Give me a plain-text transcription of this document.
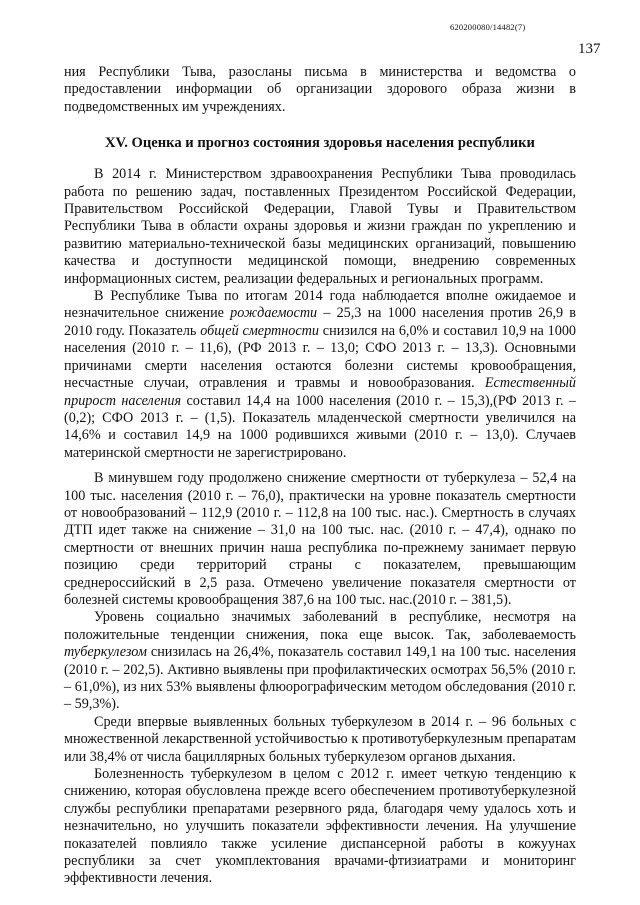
620200080/14482(7)
137

ния Республики Тыва, разосланы письма в министерства и ведомства о предоставлении информации об организации здорового образа жизни в подведомственных им учреждениях.

XV. Оценка и прогноз состояния здоровья населения республики

В 2014 г. Министерством здравоохранения Республики Тыва проводилась работа по решению задач, поставленных Президентом Российской Федерации, Правительством Российской Федерации, Главой Тувы и Правительством Республики Тыва в области охраны здоровья и жизни граждан по укреплению и развитию материально-технической базы медицинских организаций, повышению качества и доступности медицинской помощи, внедрению современных информационных систем, реализации федеральных и региональных программ.

В Республике Тыва по итогам 2014 года наблюдается вполне ожидаемое и незначительное снижение рождаемости – 25,3 на 1000 населения против 26,9 в 2010 году. Показатель общей смертности снизился на 6,0% и составил 10,9 на 1000 населения (2010 г. – 11,6), (РФ 2013 г. – 13,0; СФО 2013 г. – 13,3). Основными причинами смерти населения остаются болезни системы кровообращения, несчастные случаи, отравления и травмы и новообразования. Естественный прирост населения составил 14,4 на 1000 населения (2010 г. – 15,3),(РФ 2013 г. – (0,2); СФО 2013 г. – (1,5). Показатель младенческой смертности увеличился на 14,6% и составил 14,9 на 1000 родившихся живыми (2010 г. – 13,0). Случаев материнской смертности не зарегистрировано.

В минувшем году продолжено снижение смертности от туберкулеза – 52,4 на 100 тыс. населения (2010 г. – 76,0), практически на уровне показатель смертности от новообразований – 112,9 (2010 г. – 112,8 на 100 тыс. нас.). Смертность в случаях ДТП идет также на снижение – 31,0 на 100 тыс. нас. (2010 г. – 47,4), однако по смертности от внешних причин наша республика по-прежнему занимает первую позицию среди территорий страны с показателем, превышающим среднероссийский в 2,5 раза. Отмечено увеличение показателя смертности от болезней системы кровообращения 387,6 на 100 тыс. нас.(2010 г. – 381,5).

Уровень социально значимых заболеваний в республике, несмотря на положительные тенденции снижения, пока еще высок. Так, заболеваемость туберкулезом снизилась на 26,4%, показатель составил 149,1 на 100 тыс. населения (2010 г. – 202,5). Активно выявлены при профилактических осмотрах 56,5% (2010 г. – 61,0%), из них 53% выявлены флюорографическим методом обследования (2010 г. – 59,3%).

Среди впервые выявленных больных туберкулезом в 2014 г. – 96 больных с множественной лекарственной устойчивостью к противотуберкулезным препаратам или 38,4% от числа бациллярных больных туберкулезом органов дыхания.

Болезненность туберкулезом в целом с 2012 г. имеет четкую тенденцию к снижению, которая обусловлена прежде всего обеспечением противотуберкулезной службы республики препаратами резервного ряда, благодаря чему удалось хоть и незначительно, но улучшить показатели эффективности лечения. На улучшение показателей повлияло также усиление диспансерной работы в кожуунах республики за счет укомплектования врачами-фтизиатрами и мониторинг эффективности лечения.
